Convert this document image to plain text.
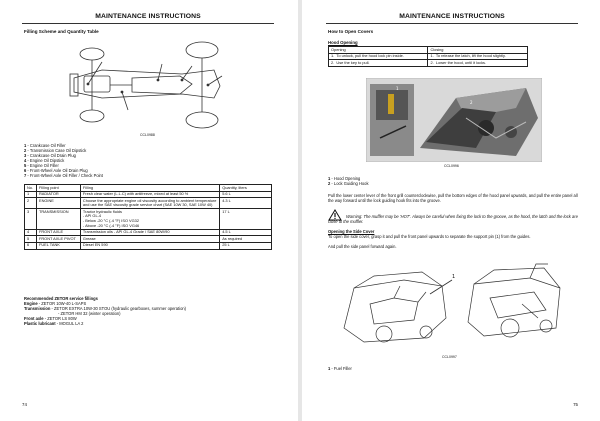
MAINTENANCE INSTRUCTIONS
Filling Scheme and Quantity Table
CCL0988
1 - Crankcase Oil Filler
2 - Transmission Case Oil Dipstick
3 - Crankcase Oil Drain Plug
4 - Engine Oil Dipstick
5 - Engine Oil Filler
6 - Front-Wheel Axle Oil Drain Plug
7 - Front-Wheel Axle Oil Filler / Check Point
No.	Filling point	Filling	Quantity, liters
1	RADIATOR	Fresh clear water (L.L.C) with antifreeze, mixed at least 50 %	5.6 L
2	ENGINE	Choose the appropriate engine oil viscosity according to ambient temperature and use the SAE viscosity grade service chart (SAE 10W 30, SAE 10W 40)	4.3 L
3	TRANSMISSION	Tractor hydraulic fluids
- API GL-4
- Below -20 °C (-4 °F) ISO VG32
- Above -20 °C (-4 °F) ISO VG46	17 L
4	FRONT AXLE	Transmission oils - API GL-4 Grade / SAE 80W/90	4.5 L
5	FRONT AXLE PIVOT	Grease	As required
6	FUEL TANK	Diesel EN 590	25 L
Recommended ZETOR service fillings
Engine - ZETOR 10W-40 L-SAPS
Transmission - ZETOR EXTRA 10W-30 STOU (hydraulic gearboxes, summer operation)
- ZETOR HM 32 (winter operation)
Front axle - ZETOR LS 80W
Plastic lubricant - MOGUL LA 2
74
MAINTENANCE INSTRUCTIONS
How to Open Covers
Hood Opening
Opening	Closing
1. To unlock, pull the hood lock pin inside.	1. To release the latch, lift the hood slightly.
2. Use the key to pull.	2. Lower the hood, until it locks.
1
2
CCL0996
1 - Hood Opening
2 - Lock Guiding Hook
Pull the lower center lever of the front grill counterclockwise, pull the bottom edges of the hood panel upwards, and pull the entire panel all the way forward until the lock guiding hook fits into the groove.
Warning: The muffler may be 'HOT'. Always be careful when fixing the lock to the groove, as the hood, the latch and the lock are close to the muffler.
Opening the Side Cover
To open the side cover, grasp it and pull the front panel upwards to separate the support pin (1) from the guides.
And pull the side panel forward again.
1
CCL0997
1 - Fuel Filler
75
